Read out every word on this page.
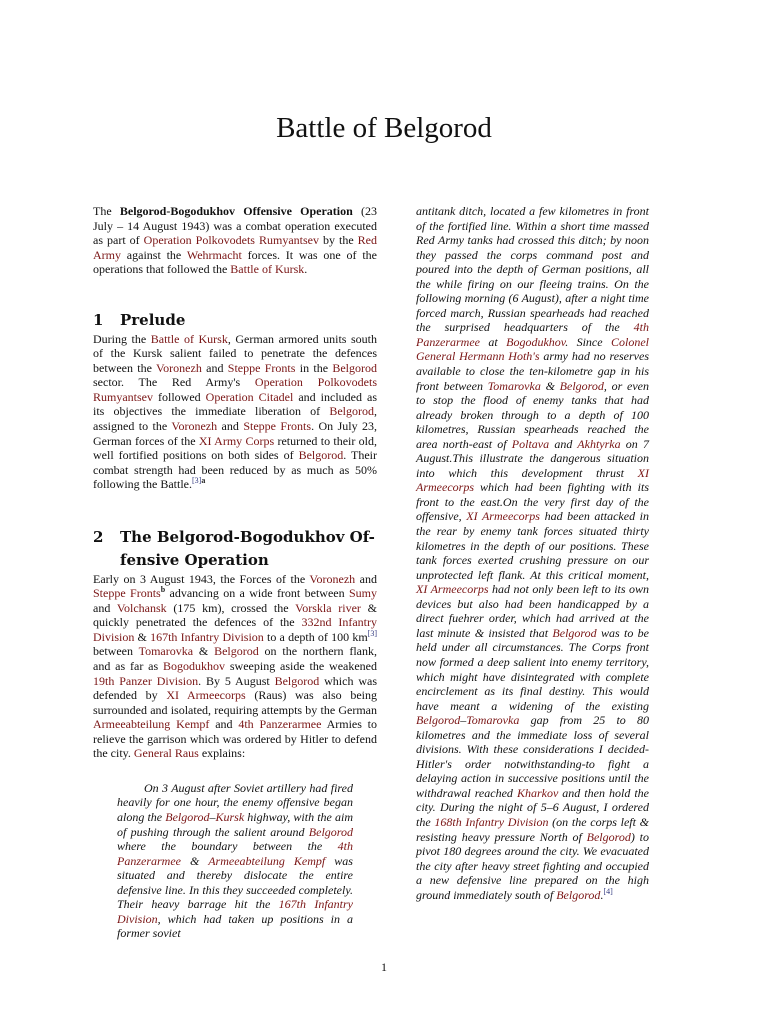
Battle of Belgorod

The Belgorod-Bogodukhov Offensive Operation (23 July – 14 August 1943) was a combat operation executed as part of Operation Polkovodets Rumyantsev by the Red Army against the Wehrmacht forces. It was one of the operations that followed the Battle of Kursk.

1	Prelude

During the Battle of Kursk, German armored units south of the Kursk salient failed to penetrate the defences between the Voronezh and Steppe Fronts in the Belgorod sector. The Red Army's Operation Polkovodets Rumyantsev followed Operation Citadel and included as its objectives the immediate liberation of Belgorod, assigned to the Voronezh and Steppe Fronts. On July 23, German forces of the XI Army Corps returned to their old, well fortified positions on both sides of Belgorod. Their combat strength had been reduced by as much as 50% following the Battle.$^{[3]a}$

2	The Belgorod-Bogodukhov Of-
fensive Operation

Early on 3 August 1943, the Forces of the Voronezh and Steppe Fronts$^b$ advancing on a wide front between Sumy and Volchansk (175 km), crossed the Vorskla river & quickly penetrated the defences of the 332nd Infantry Division & 167th Infantry Division to a depth of 100 km[3] between Tomarovka & Belgorod on the northern flank, and as far as Bogodukhov sweeping aside the weakened 19th Panzer Division. By 5 August Belgorod which was defended by XI Armeecorps (Raus) was also being surrounded and isolated, requiring attempts by the German Armeeabteilung Kempf and 4th Panzerarmee Armies to relieve the garrison which was ordered by Hitler to defend the city. General Raus explains:

On 3 August after Soviet artillery had fired heavily for one hour, the enemy offensive began along the Belgorod–Kursk highway, with the aim of pushing through the salient around Belgorod where the boundary between the 4th Panzerarmee & Armeeabteilung Kempf was situated and thereby dislocate the entire defensive line. In this they succeeded completely. Their heavy barrage hit the 167th Infantry Division, which had taken up positions in a former soviet

antitank ditch, located a few kilometres in front of the fortified line. Within a short time massed Red Army tanks had crossed this ditch; by noon they passed the corps command post and poured into the depth of German positions, all the while firing on our fleeing trains. On the following morning (6 August), after a night time forced march, Russian spearheads had reached the surprised headquarters of the 4th Panzerarmee at Bogodukhov. Since Colonel General Hermann Hoth's army had no reserves available to close the ten-kilometre gap in his front between Tomarovka & Belgorod, or even to stop the flood of enemy tanks that had already broken through to a depth of 100 kilometres, Russian spearheads reached the area north-east of Poltava and Akhtyrka on 7 August.This illustrate the dangerous situation into which this development thrust XI Armeecorps which had been fighting with its front to the east.On the very first day of the offensive, XI Armeecorps had been attacked in the rear by enemy tank forces situated thirty kilometres in the depth of our positions. These tank forces exerted crushing pressure on our unprotected left flank. At this critical moment, XI Armeecorps had not only been left to its own devices but also had been handicapped by a direct fuehrer order, which had arrived at the last minute & insisted that Belgorod was to be held under all circumstances. The Corps front now formed a deep salient into enemy territory, which might have disintegrated with complete encirclement as its final destiny. This would have meant a widening of the existing Belgorod–Tomarovka gap from 25 to 80 kilometres and the immediate loss of several divisions. With these considerations I decided-Hitler's order notwithstanding-to fight a delaying action in successive positions until the withdrawal reached Kharkov and then hold the city. During the night of 5–6 August, I ordered the 168th Infantry Division (on the corps left & resisting heavy pressure North of Belgorod) to pivot 180 degrees around the city. We evacuated the city after heavy street fighting and occupied a new defensive line prepared on the high ground immediately south of Belgorod.[4]

1
